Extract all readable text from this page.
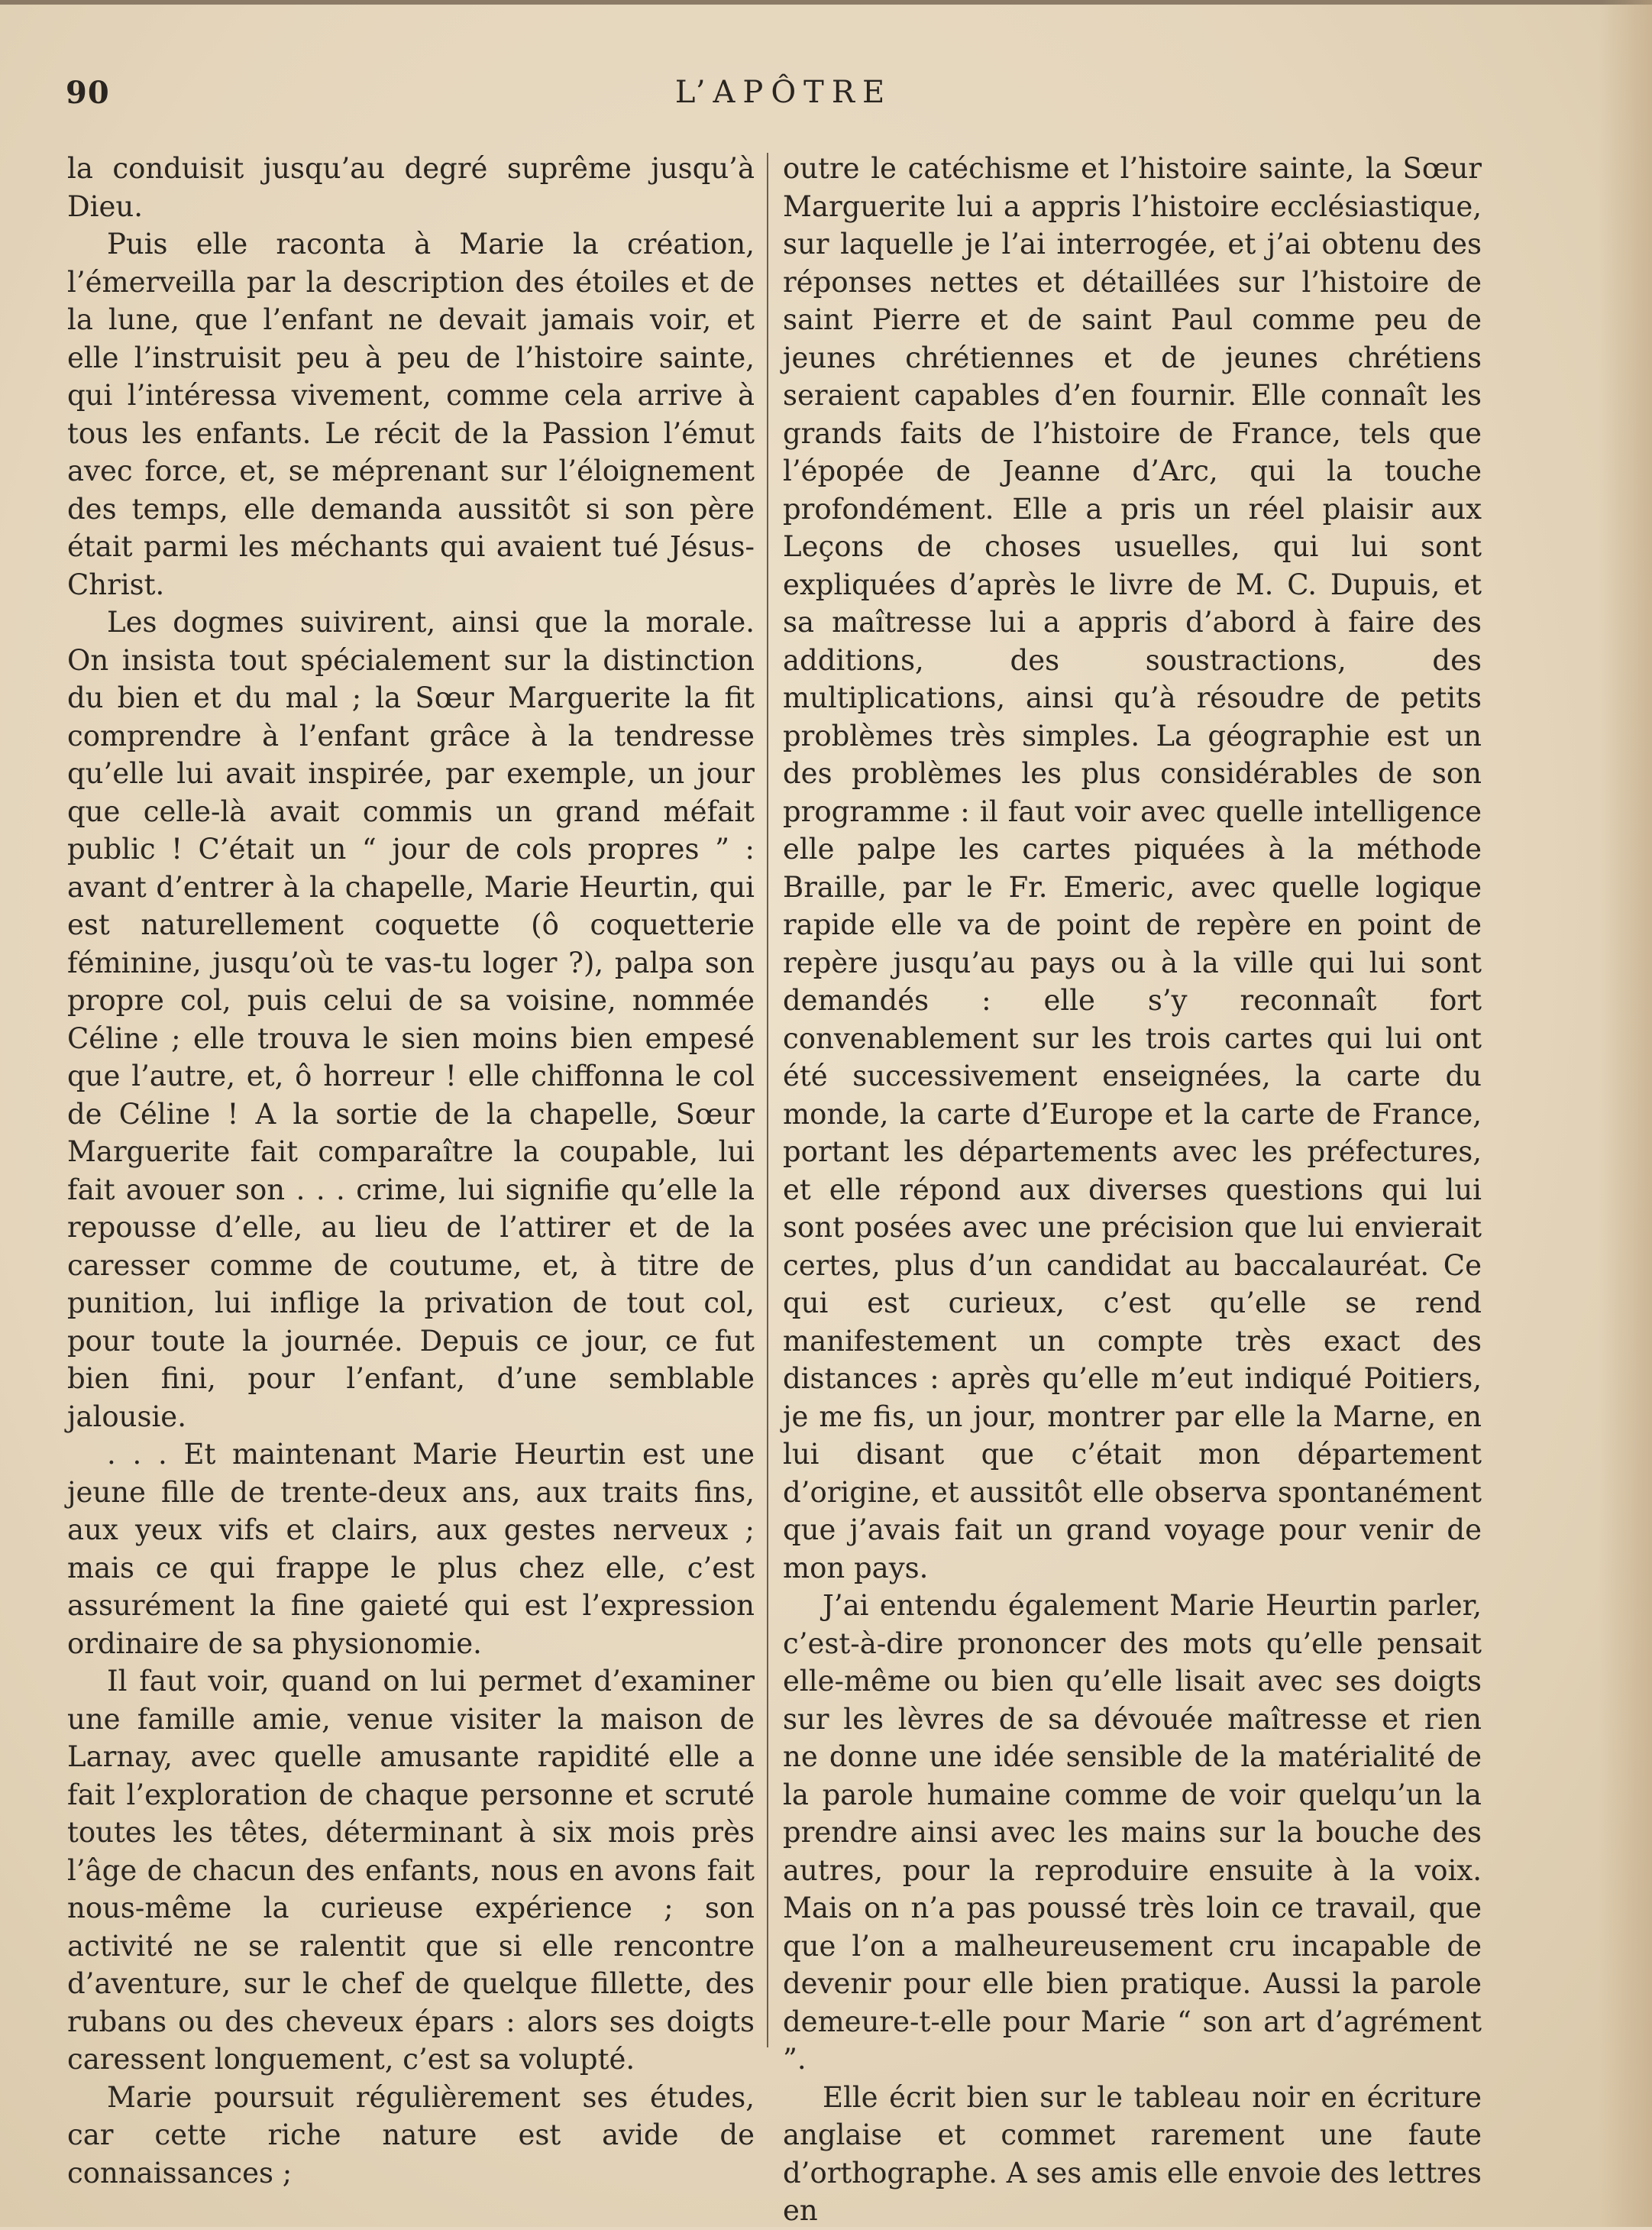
90	L’APÔTRE

la conduisit jusqu’au degré suprême jusqu’à Dieu.

Puis elle raconta à Marie la création, l’émerveilla par la description des étoiles et de la lune, que l’enfant ne devait jamais voir, et elle l’instruisit peu à peu de l’histoire sainte, qui l’intéressa vivement, comme cela arrive à tous les enfants. Le récit de la Passion l’émut avec force, et, se méprenant sur l’éloignement des temps, elle demanda aussitôt si son père était parmi les méchants qui avaient tué Jésus-Christ.

Les dogmes suivirent, ainsi que la morale. On insista tout spécialement sur la distinction du bien et du mal ; la Sœur Marguerite la fit comprendre à l’enfant grâce à la tendresse qu’elle lui avait inspirée, par exemple, un jour que celle-là avait commis un grand méfait public ! C’était un “ jour de cols propres ” : avant d’entrer à la chapelle, Marie Heurtin, qui est naturellement coquette (ô coquetterie féminine, jusqu’où te vas-tu loger ?), palpa son propre col, puis celui de sa voisine, nommée Céline ; elle trouva le sien moins bien empesé que l’autre, et, ô horreur ! elle chiffonna le col de Céline ! A la sortie de la chapelle, Sœur Marguerite fait comparaître la coupable, lui fait avouer son . . . crime, lui signifie qu’elle la repousse d’elle, au lieu de l’attirer et de la caresser comme de coutume, et, à titre de punition, lui inflige la privation de tout col, pour toute la journée. Depuis ce jour, ce fut bien fini, pour l’enfant, d’une semblable jalousie.

. . . Et maintenant Marie Heurtin est une jeune fille de trente-deux ans, aux traits fins, aux yeux vifs et clairs, aux gestes nerveux ; mais ce qui frappe le plus chez elle, c’est assurément la fine gaieté qui est l’expression ordinaire de sa physionomie.

Il faut voir, quand on lui permet d’examiner une famille amie, venue visiter la maison de Larnay, avec quelle amusante rapidité elle a fait l’exploration de chaque personne et scruté toutes les têtes, déterminant à six mois près l’âge de chacun des enfants, nous en avons fait nous-même la curieuse expérience ; son activité ne se ralentit que si elle rencontre d’aventure, sur le chef de quelque fillette, des rubans ou des cheveux épars : alors ses doigts caressent longuement, c’est sa volupté.

Marie poursuit régulièrement ses études, car cette riche nature est avide de connaissances ;

outre le catéchisme et l’histoire sainte, la Sœur Marguerite lui a appris l’histoire ecclésiastique, sur laquelle je l’ai interrogée, et j’ai obtenu des réponses nettes et détaillées sur l’histoire de saint Pierre et de saint Paul comme peu de jeunes chrétiennes et de jeunes chrétiens seraient capables d’en fournir. Elle connaît les grands faits de l’histoire de France, tels que l’épopée de Jeanne d’Arc, qui la touche profondément. Elle a pris un réel plaisir aux Leçons de choses usuelles, qui lui sont expliquées d’après le livre de M. C. Dupuis, et sa maîtresse lui a appris d’abord à faire des additions, des soustractions, des multiplications, ainsi qu’à résoudre de petits problèmes très simples. La géographie est un des problèmes les plus considérables de son programme : il faut voir avec quelle intelligence elle palpe les cartes piquées à la méthode Braille, par le Fr. Emeric, avec quelle logique rapide elle va de point de repère en point de repère jusqu’au pays ou à la ville qui lui sont demandés : elle s’y reconnaît fort convenablement sur les trois cartes qui lui ont été successivement enseignées, la carte du monde, la carte d’Europe et la carte de France, portant les départements avec les préfectures, et elle répond aux diverses questions qui lui sont posées avec une précision que lui envierait certes, plus d’un candidat au baccalauréat. Ce qui est curieux, c’est qu’elle se rend manifestement un compte très exact des distances : après qu’elle m’eut indiqué Poitiers, je me fis, un jour, montrer par elle la Marne, en lui disant que c’était mon département d’origine, et aussitôt elle observa spontanément que j’avais fait un grand voyage pour venir de mon pays.

J’ai entendu également Marie Heurtin parler, c’est-à-dire prononcer des mots qu’elle pensait elle-même ou bien qu’elle lisait avec ses doigts sur les lèvres de sa dévouée maîtresse et rien ne donne une idée sensible de la matérialité de la parole humaine comme de voir quelqu’un la prendre ainsi avec les mains sur la bouche des autres, pour la reproduire ensuite à la voix. Mais on n’a pas poussé très loin ce travail, que que l’on a malheureusement cru incapable de devenir pour elle bien pratique. Aussi la parole demeure-t-elle pour Marie “ son art d’agrément ”.

Elle écrit bien sur le tableau noir en écriture anglaise et commet rarement une faute d’orthographe. A ses amis elle envoie des lettres en
